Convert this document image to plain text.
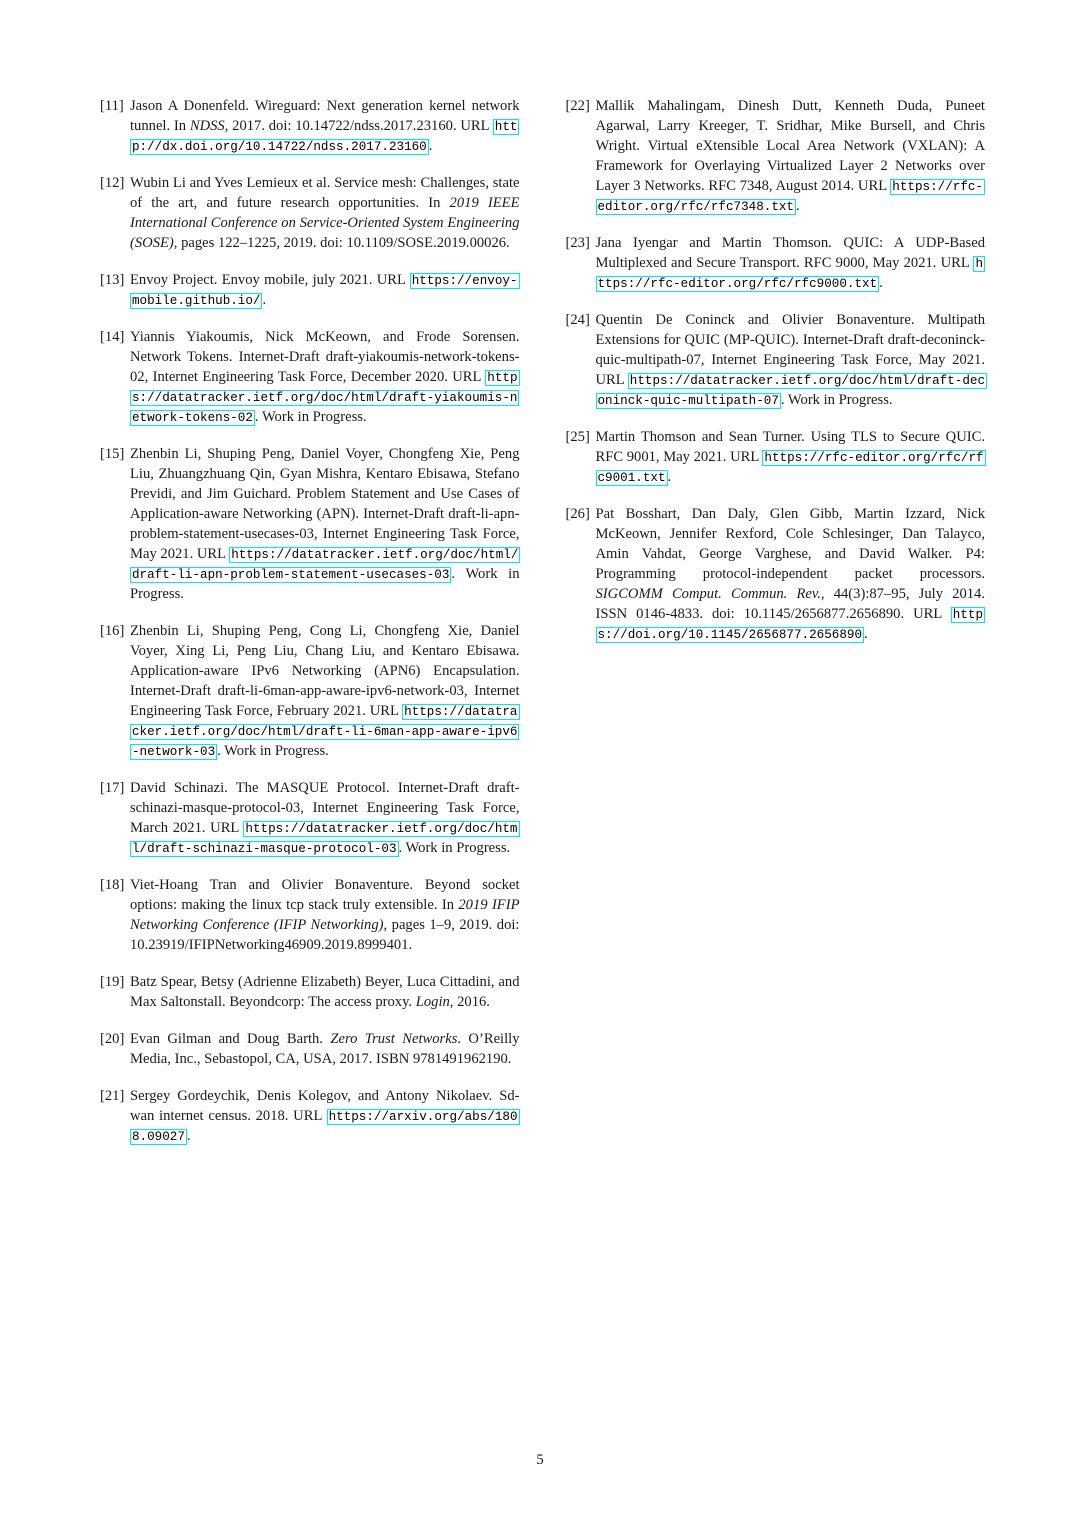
[11] Jason A Donenfeld. Wireguard: Next generation kernel network tunnel. In NDSS, 2017. doi: 10.14722/ndss.2017.23160. URL http://dx.doi.org/10.14722/ndss.2017.23160 .
[12] Wubin Li and Yves Lemieux et al. Service mesh: Challenges, state of the art, and future research opportunities. In 2019 IEEE International Conference on Service-Oriented System Engineering (SOSE), pages 122–1225, 2019. doi: 10.1109/SOSE.2019.00026.
[13] Envoy Project. Envoy mobile, july 2021. URL https://envoy-mobile.github.io/ .
[14] Yiannis Yiakoumis, Nick McKeown, and Frode Sorensen. Network Tokens. Internet-Draft draft-yiakoumis-network-tokens-02, Internet Engineering Task Force, December 2020. URL https://datatracker.ietf.org/doc/html/draft-yiakoumis-network-tokens-02 . Work in Progress.
[15] Zhenbin Li, Shuping Peng, Daniel Voyer, Chongfeng Xie, Peng Liu, Zhuangzhuang Qin, Gyan Mishra, Kentaro Ebisawa, Stefano Previdi, and Jim Guichard. Problem Statement and Use Cases of Application-aware Networking (APN). Internet-Draft draft-li-apn-problem-statement-usecases-03, Internet Engineering Task Force, May 2021. URL https://datatracker.ietf.org/doc/html/draft-li-apn-problem-statement-usecases-03 . Work in Progress.
[16] Zhenbin Li, Shuping Peng, Cong Li, Chongfeng Xie, Daniel Voyer, Xing Li, Peng Liu, Chang Liu, and Kentaro Ebisawa. Application-aware IPv6 Networking (APN6) Encapsulation. Internet-Draft draft-li-6man-app-aware-ipv6-network-03, Internet Engineering Task Force, February 2021. URL https://datatracker.ietf.org/doc/html/draft-li-6man-app-aware-ipv6-network-03 . Work in Progress.
[17] David Schinazi. The MASQUE Protocol. Internet-Draft draft-schinazi-masque-protocol-03, Internet Engineering Task Force, March 2021. URL https://datatracker.ietf.org/doc/html/draft-schinazi-masque-protocol-03 . Work in Progress.
[18] Viet-Hoang Tran and Olivier Bonaventure. Beyond socket options: making the linux tcp stack truly extensible. In 2019 IFIP Networking Conference (IFIP Networking), pages 1–9, 2019. doi: 10.23919/IFIPNetworking46909.2019.8999401.
[19] Batz Spear, Betsy (Adrienne Elizabeth) Beyer, Luca Cittadini, and Max Saltonstall. Beyondcorp: The access proxy. Login, 2016.
[20] Evan Gilman and Doug Barth. Zero Trust Networks. O’Reilly Media, Inc., Sebastopol, CA, USA, 2017. ISBN 9781491962190.
[21] Sergey Gordeychik, Denis Kolegov, and Antony Nikolaev. Sd-wan internet census. 2018. URL https://arxiv.org/abs/1808.09027 .
[22] Mallik Mahalingam, Dinesh Dutt, Kenneth Duda, Puneet Agarwal, Larry Kreeger, T. Sridhar, Mike Bursell, and Chris Wright. Virtual eXtensible Local Area Network (VXLAN): A Framework for Overlaying Virtualized Layer 2 Networks over Layer 3 Networks. RFC 7348, August 2014. URL https://rfc-editor.org/rfc/rfc7348.txt .
[23] Jana Iyengar and Martin Thomson. QUIC: A UDP-Based Multiplexed and Secure Transport. RFC 9000, May 2021. URL https://rfc-editor.org/rfc/rfc9000.txt .
[24] Quentin De Coninck and Olivier Bonaventure. Multipath Extensions for QUIC (MP-QUIC). Internet-Draft draft-deconinck-quic-multipath-07, Internet Engineering Task Force, May 2021. URL https://datatracker.ietf.org/doc/html/draft-deconinck-quic-multipath-07 . Work in Progress.
[25] Martin Thomson and Sean Turner. Using TLS to Secure QUIC. RFC 9001, May 2021. URL https://rfc-editor.org/rfc/rfc9001.txt .
[26] Pat Bosshart, Dan Daly, Glen Gibb, Martin Izzard, Nick McKeown, Jennifer Rexford, Cole Schlesinger, Dan Talayco, Amin Vahdat, George Varghese, and David Walker. P4: Programming protocol-independent packet processors. SIGCOMM Comput. Commun. Rev., 44(3):87–95, July 2014. ISSN 0146-4833. doi: 10.1145/2656877.2656890. URL https://doi.org/10.1145/2656877.2656890 .
5
